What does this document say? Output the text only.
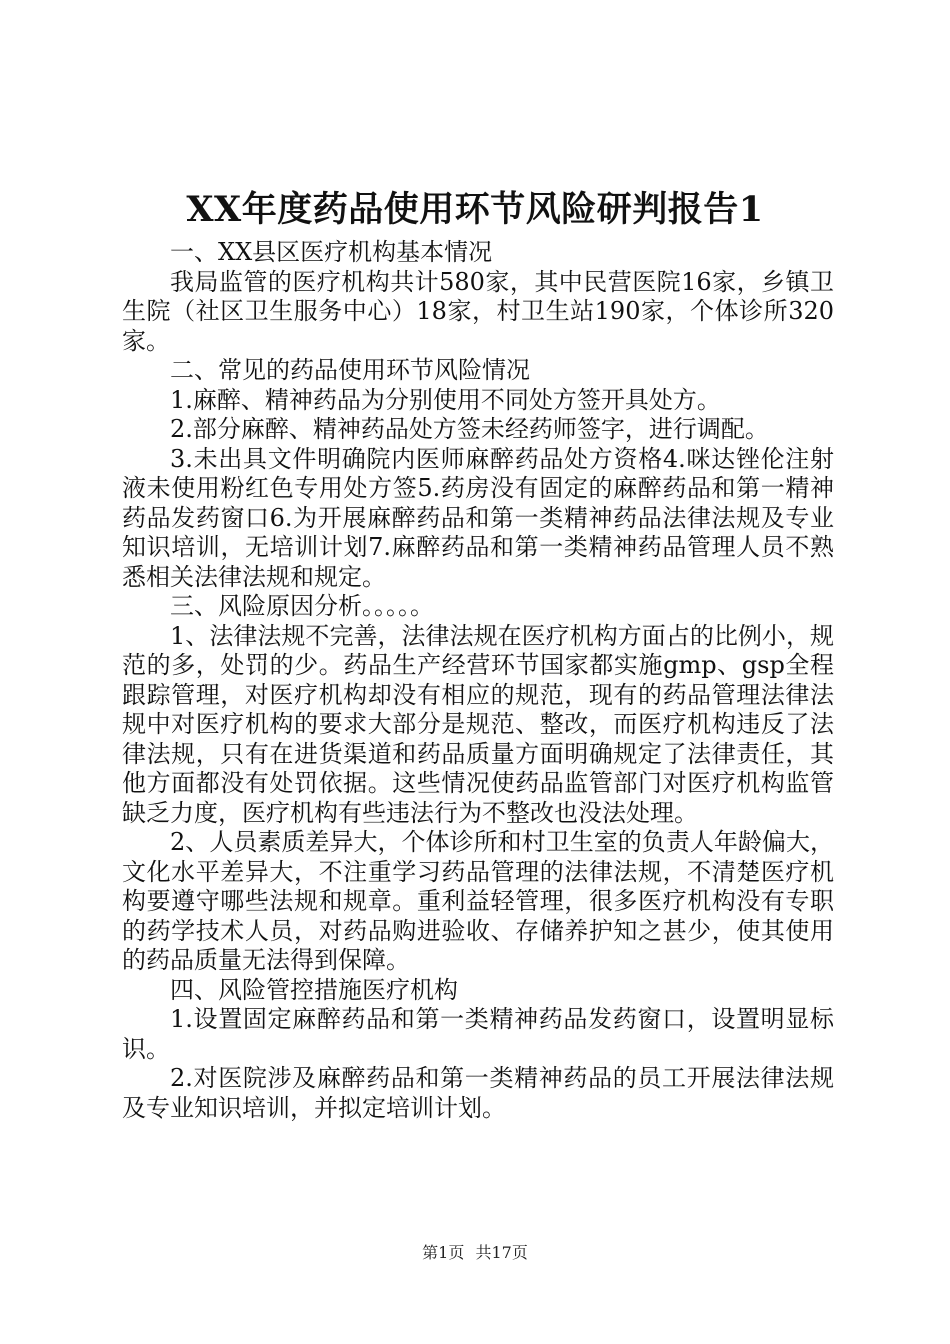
XX年度药品使用环节风险研判报告1

一、XX县区医疗机构基本情况

我局监管的医疗机构共计580家，其中民营医院16家，乡镇卫生院（社区卫生服务中心）18家，村卫生站190家，个体诊所320家。

二、常见的药品使用环节风险情况

1.麻醉、精神药品为分别使用不同处方签开具处方。

2.部分麻醉、精神药品处方签未经药师签字，进行调配。

3.未出具文件明确院内医师麻醉药品处方资格4.咪达锉伦注射液未使用粉红色专用处方签5.药房没有固定的麻醉药品和第一精神药品发药窗口6.为开展麻醉药品和第一类精神药品法律法规及专业知识培训，无培训计划7.麻醉药品和第一类精神药品管理人员不熟悉相关法律法规和规定。

三、风险原因分析。。。。。

1、法律法规不完善，法律法规在医疗机构方面占的比例小，规范的多，处罚的少。药品生产经营环节国家都实施gmp、gsp全程跟踪管理，对医疗机构却没有相应的规范，现有的药品管理法律法规中对医疗机构的要求大部分是规范、整改，而医疗机构违反了法律法规，只有在进货渠道和药品质量方面明确规定了法律责任，其他方面都没有处罚依据。这些情况使药品监管部门对医疗机构监管缺乏力度，医疗机构有些违法行为不整改也没法处理。

2、人员素质差异大，个体诊所和村卫生室的负责人年龄偏大，文化水平差异大，不注重学习药品管理的法律法规，不清楚医疗机构要遵守哪些法规和规章。重利益轻管理，很多医疗机构没有专职的药学技术人员，对药品购进验收、存储养护知之甚少，使其使用的药品质量无法得到保障。

四、风险管控措施医疗机构

1.设置固定麻醉药品和第一类精神药品发药窗口，设置明显标识。

2.对医院涉及麻醉药品和第一类精神药品的员工开展法律法规及专业知识培训，并拟定培训计划。

第1页 共17页
